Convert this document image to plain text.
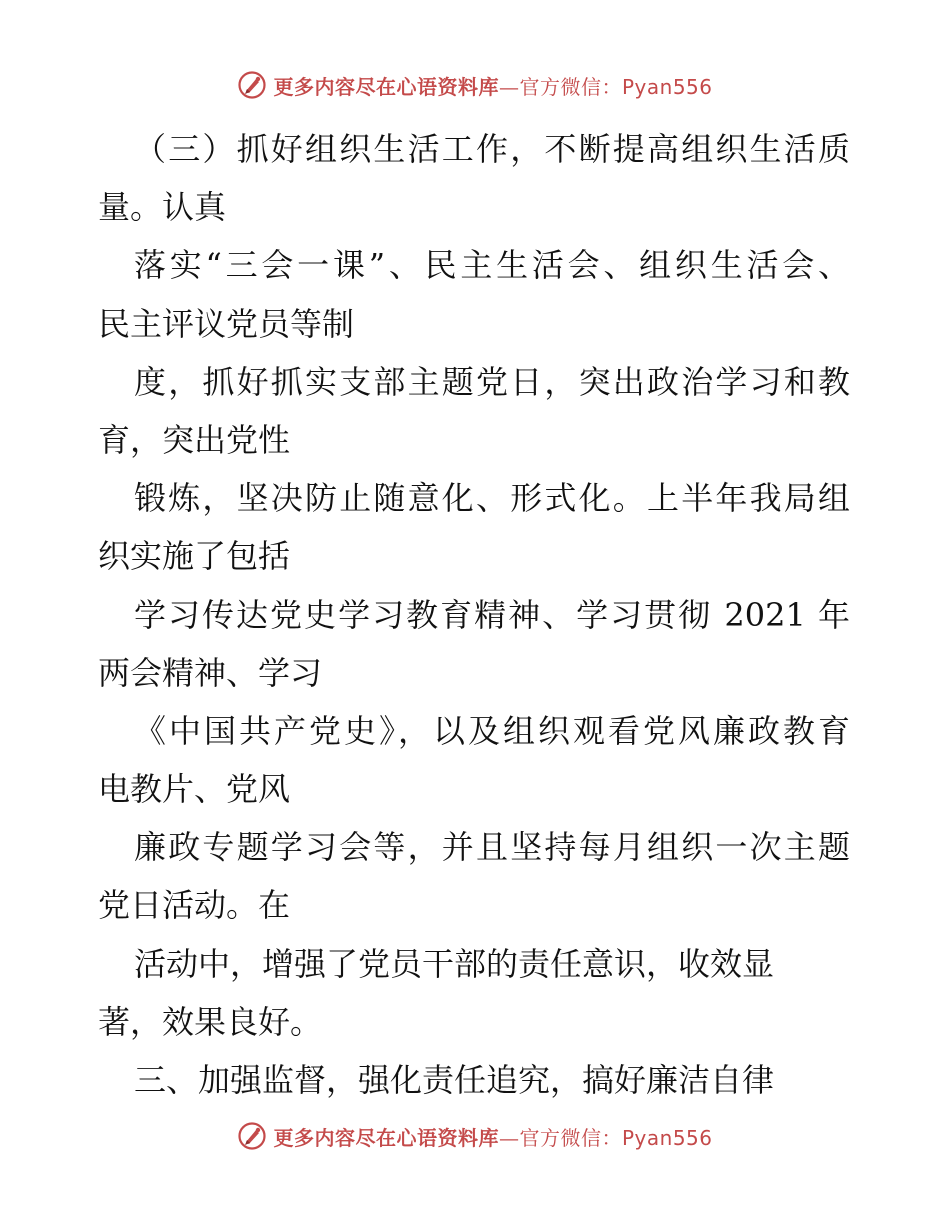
更多内容尽在心语资料库—官方微信：Pyan556
（三）抓好组织生活工作，不断提高组织生活质
量。认真
落实“三会一课”、民主生活会、组织生活会、
民主评议党员等制
度，抓好抓实支部主题党日，突出政治学习和教
育，突出党性
锻炼，坚决防止随意化、形式化。上半年我局组
织实施了包括
学习传达党史学习教育精神、学习贯彻 2021 年
两会精神、学习
《中国共产党史》，以及组织观看党风廉政教育
电教片、党风
廉政专题学习会等，并且坚持每月组织一次主题
党日活动。在
活动中，增强了党员干部的责任意识，收效显
著，效果良好。
三、加强监督，强化责任追究，搞好廉洁自律
更多内容尽在心语资料库—官方微信：Pyan556
